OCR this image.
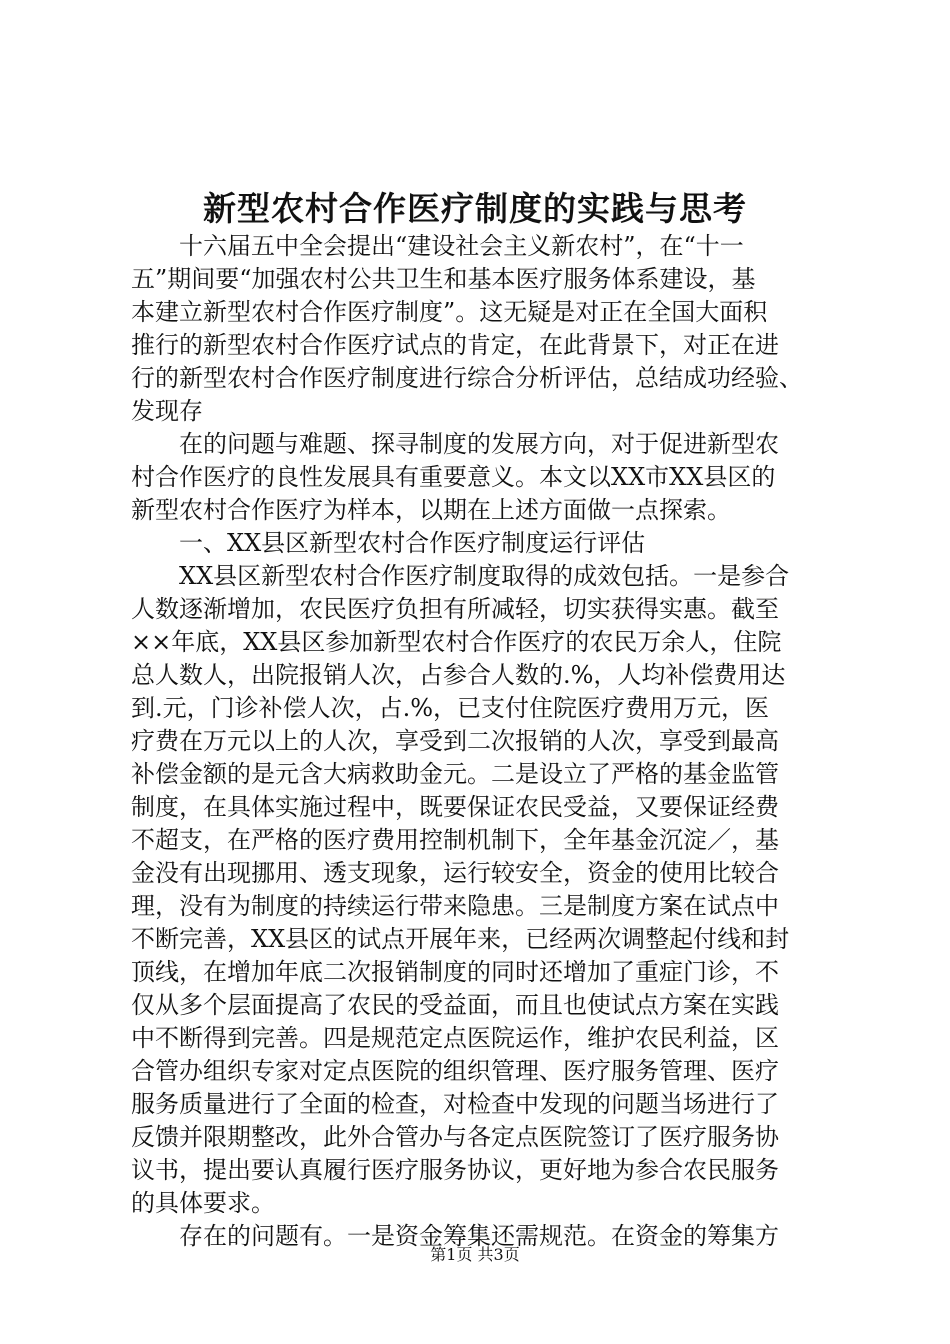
新型农村合作医疗制度的实践与思考
十六届五中全会提出“建设社会主义新农村”，在“十一
五”期间要“加强农村公共卫生和基本医疗服务体系建设，基
本建立新型农村合作医疗制度”。这无疑是对正在全国大面积
推行的新型农村合作医疗试点的肯定，在此背景下，对正在进
行的新型农村合作医疗制度进行综合分析评估，总结成功经验、
发现存
在的问题与难题、探寻制度的发展方向，对于促进新型农
村合作医疗的良性发展具有重要意义。本文以XX市XX县区的
新型农村合作医疗为样本，以期在上述方面做一点探索。
一、XX县区新型农村合作医疗制度运行评估
XX县区新型农村合作医疗制度取得的成效包括。一是参合
人数逐渐增加，农民医疗负担有所减轻，切实获得实惠。截至
××年底，XX县区参加新型农村合作医疗的农民万余人，住院
总人数人，出院报销人次，占参合人数的.%，人均补偿费用达
到.元，门诊补偿人次，占.%，已支付住院医疗费用万元，医
疗费在万元以上的人次，享受到二次报销的人次，享受到最高
补偿金额的是元含大病救助金元。二是设立了严格的基金监管
制度，在具体实施过程中，既要保证农民受益，又要保证经费
不超支，在严格的医疗费用控制机制下，全年基金沉淀／，基
金没有出现挪用、透支现象，运行较安全，资金的使用比较合
理，没有为制度的持续运行带来隐患。三是制度方案在试点中
不断完善，XX县区的试点开展年来，已经两次调整起付线和封
顶线，在增加年底二次报销制度的同时还增加了重症门诊，不
仅从多个层面提高了农民的受益面，而且也使试点方案在实践
中不断得到完善。四是规范定点医院运作，维护农民利益，区
合管办组织专家对定点医院的组织管理、医疗服务管理、医疗
服务质量进行了全面的检查，对检查中发现的问题当场进行了
反馈并限期整改，此外合管办与各定点医院签订了医疗服务协
议书，提出要认真履行医疗服务协议，更好地为参合农民服务
的具体要求。
存在的问题有。一是资金筹集还需规范。在资金的筹集方
第1页 共3页
